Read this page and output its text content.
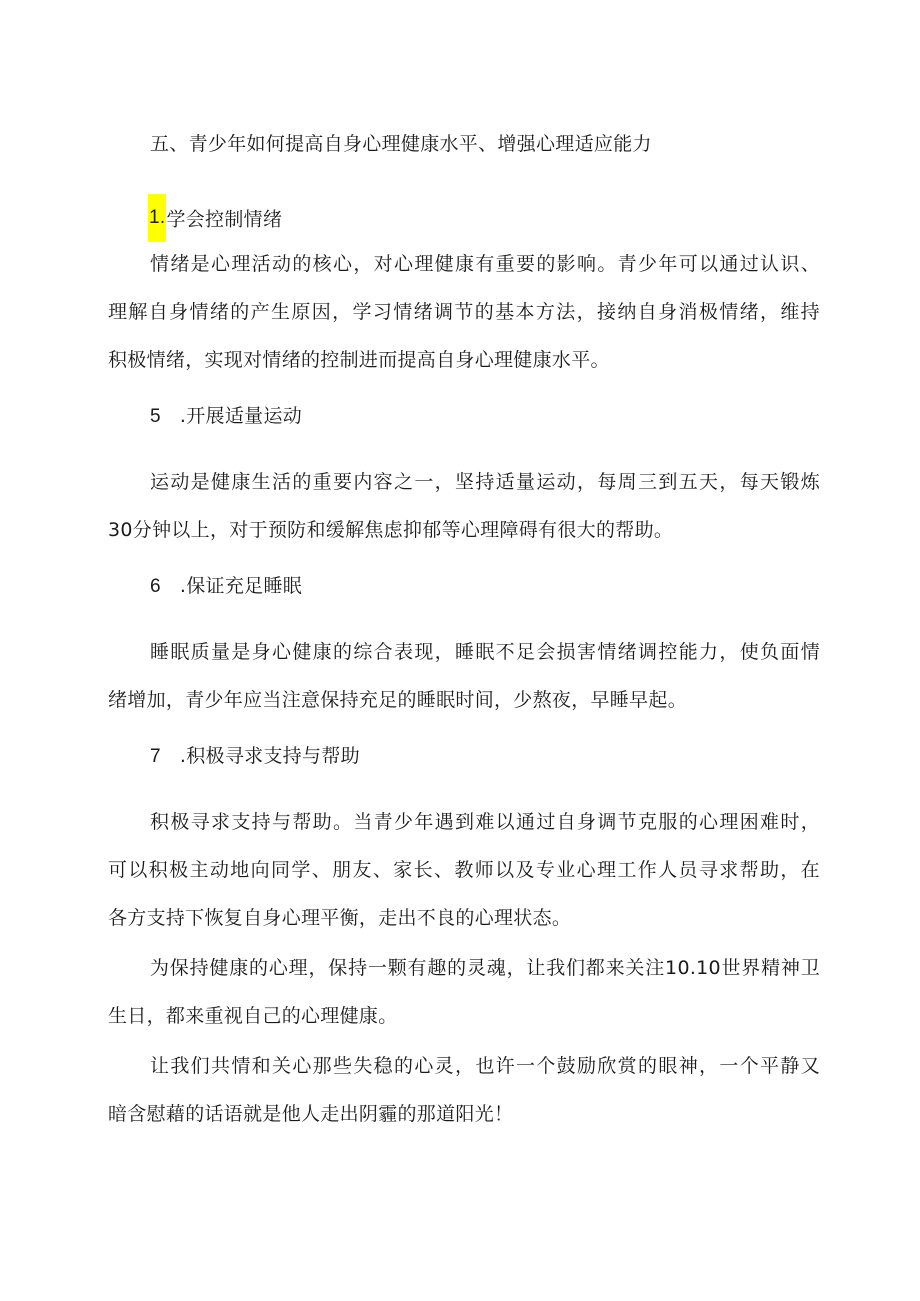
五、青少年如何提高自身心理健康水平、增强心理适应能力
1.学会控制情绪
情绪是心理活动的核心，对心理健康有重要的影响。青少年可以通过认识、
理解自身情绪的产生原因，学习情绪调节的基本方法，接纳自身消极情绪，维持
积极情绪，实现对情绪的控制进而提高自身心理健康水平。
5 .开展适量运动
运动是健康生活的重要内容之一，坚持适量运动，每周三到五天，每天锻炼
30分钟以上，对于预防和缓解焦虑抑郁等心理障碍有很大的帮助。
6 .保证充足睡眠
睡眠质量是身心健康的综合表现，睡眠不足会损害情绪调控能力，使负面情
绪增加，青少年应当注意保持充足的睡眠时间，少熬夜，早睡早起。
7 .积极寻求支持与帮助
积极寻求支持与帮助。当青少年遇到难以通过自身调节克服的心理困难时，
可以积极主动地向同学、朋友、家长、教师以及专业心理工作人员寻求帮助，在
各方支持下恢复自身心理平衡，走出不良的心理状态。
为保持健康的心理，保持一颗有趣的灵魂，让我们都来关注10.10世界精神卫
生日，都来重视自己的心理健康。
让我们共情和关心那些失稳的心灵，也许一个鼓励欣赏的眼神，一个平静又
暗含慰藉的话语就是他人走出阴霾的那道阳光！
